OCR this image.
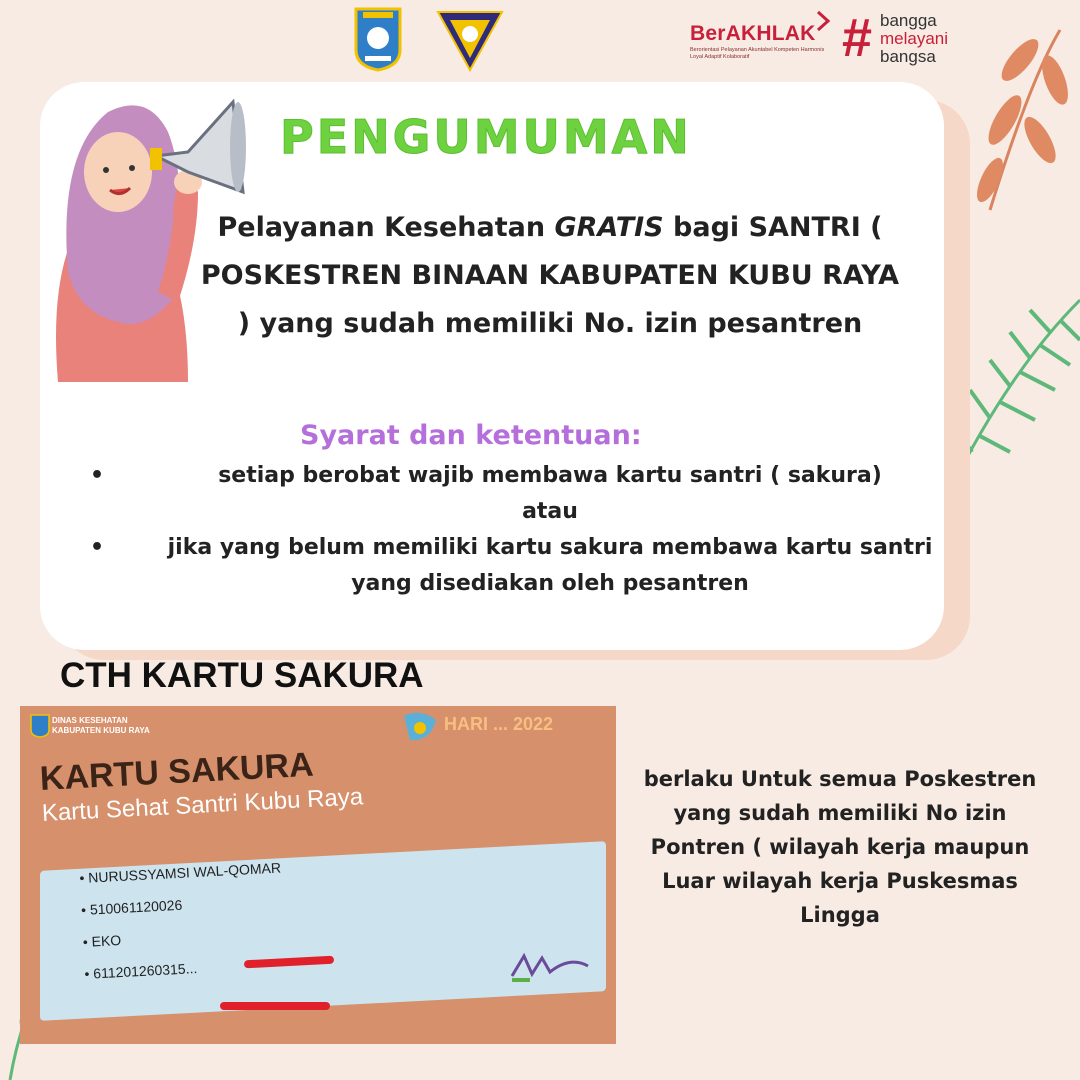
BerAKHLAK
Berorientasi Pelayanan Akuntabel Kompeten Harmonis Loyal Adaptif Kolaboratif	# bangga
melayani
bangsa
PENGUMUMAN
Pelayanan Kesehatan GRATIS bagi SANTRI ( POSKESTREN BINAAN KABUPATEN KUBU RAYA ) yang sudah memiliki No. izin pesantren
Syarat dan ketentuan:
•	setiap berobat wajib membawa kartu santri ( sakura)
atau
•	jika yang belum memiliki kartu sakura membawa kartu santri yang disediakan oleh pesantren
CTH KARTU SAKURA
DINAS KESEHATAN
KABUPATEN KUBU RAYA	HARI ... 2022
KARTU SAKURA
Kartu Sehat Santri Kubu Raya
• NURUSSYAMSI WAL-QOMAR
• 510061120026
• EKO
• 611201260315...
berlaku Untuk semua Poskestren yang sudah memiliki No izin Pontren ( wilayah kerja maupun Luar wilayah kerja Puskesmas Lingga
